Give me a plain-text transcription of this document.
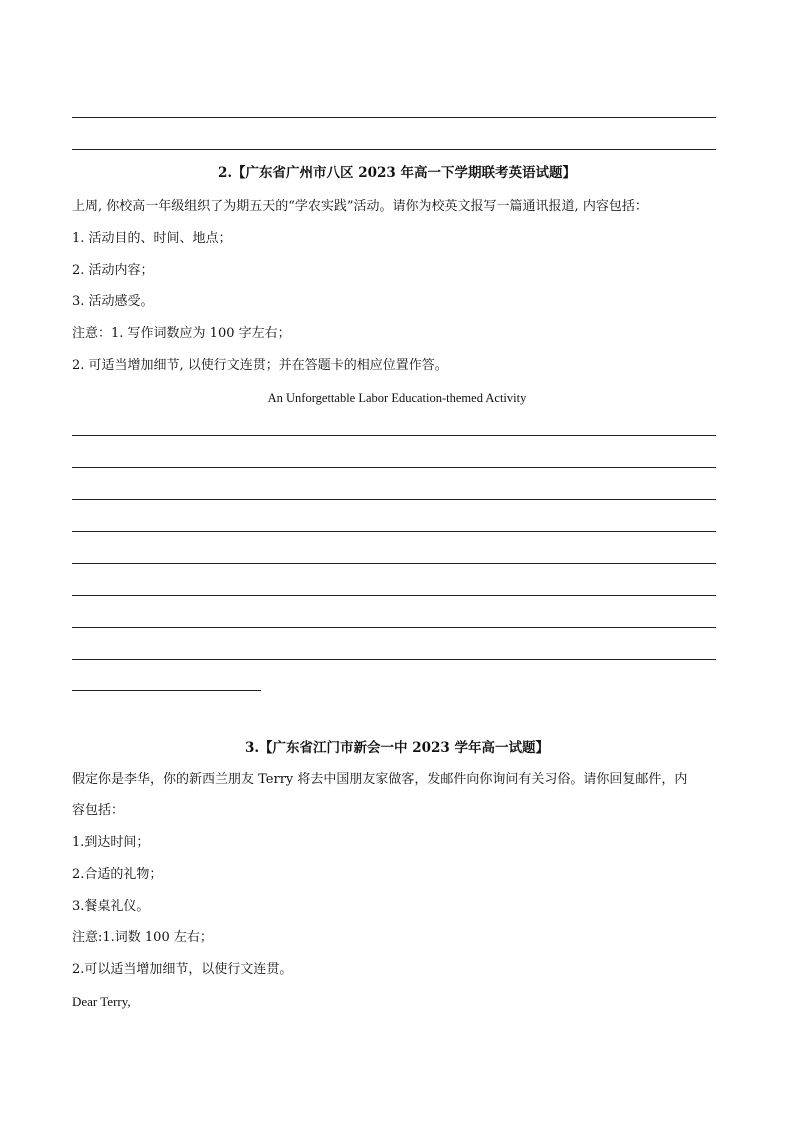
2.【广东省广州市八区 2023 年高一下学期联考英语试题】
上周, 你校高一年级组织了为期五天的“学农实践”活动。请你为校英文报写一篇通讯报道, 内容包括：
1. 活动目的、时间、地点；
2. 活动内容；
3. 活动感受。
注意：1. 写作词数应为 100 字左右；
2. 可适当增加细节, 以使行文连贯；并在答题卡的相应位置作答。
An Unforgettable Labor Education-themed Activity
3.【广东省江门市新会一中 2023 学年高一试题】
假定你是李华，你的新西兰朋友 Terry 将去中国朋友家做客，发邮件向你询问有关习俗。请你回复邮件，内
容包括：
1.到达时间；
2.合适的礼物；
3.餐桌礼仪。
注意:1.词数 100 左右；
2.可以适当增加细节，以使行文连贯。
Dear Terry,
